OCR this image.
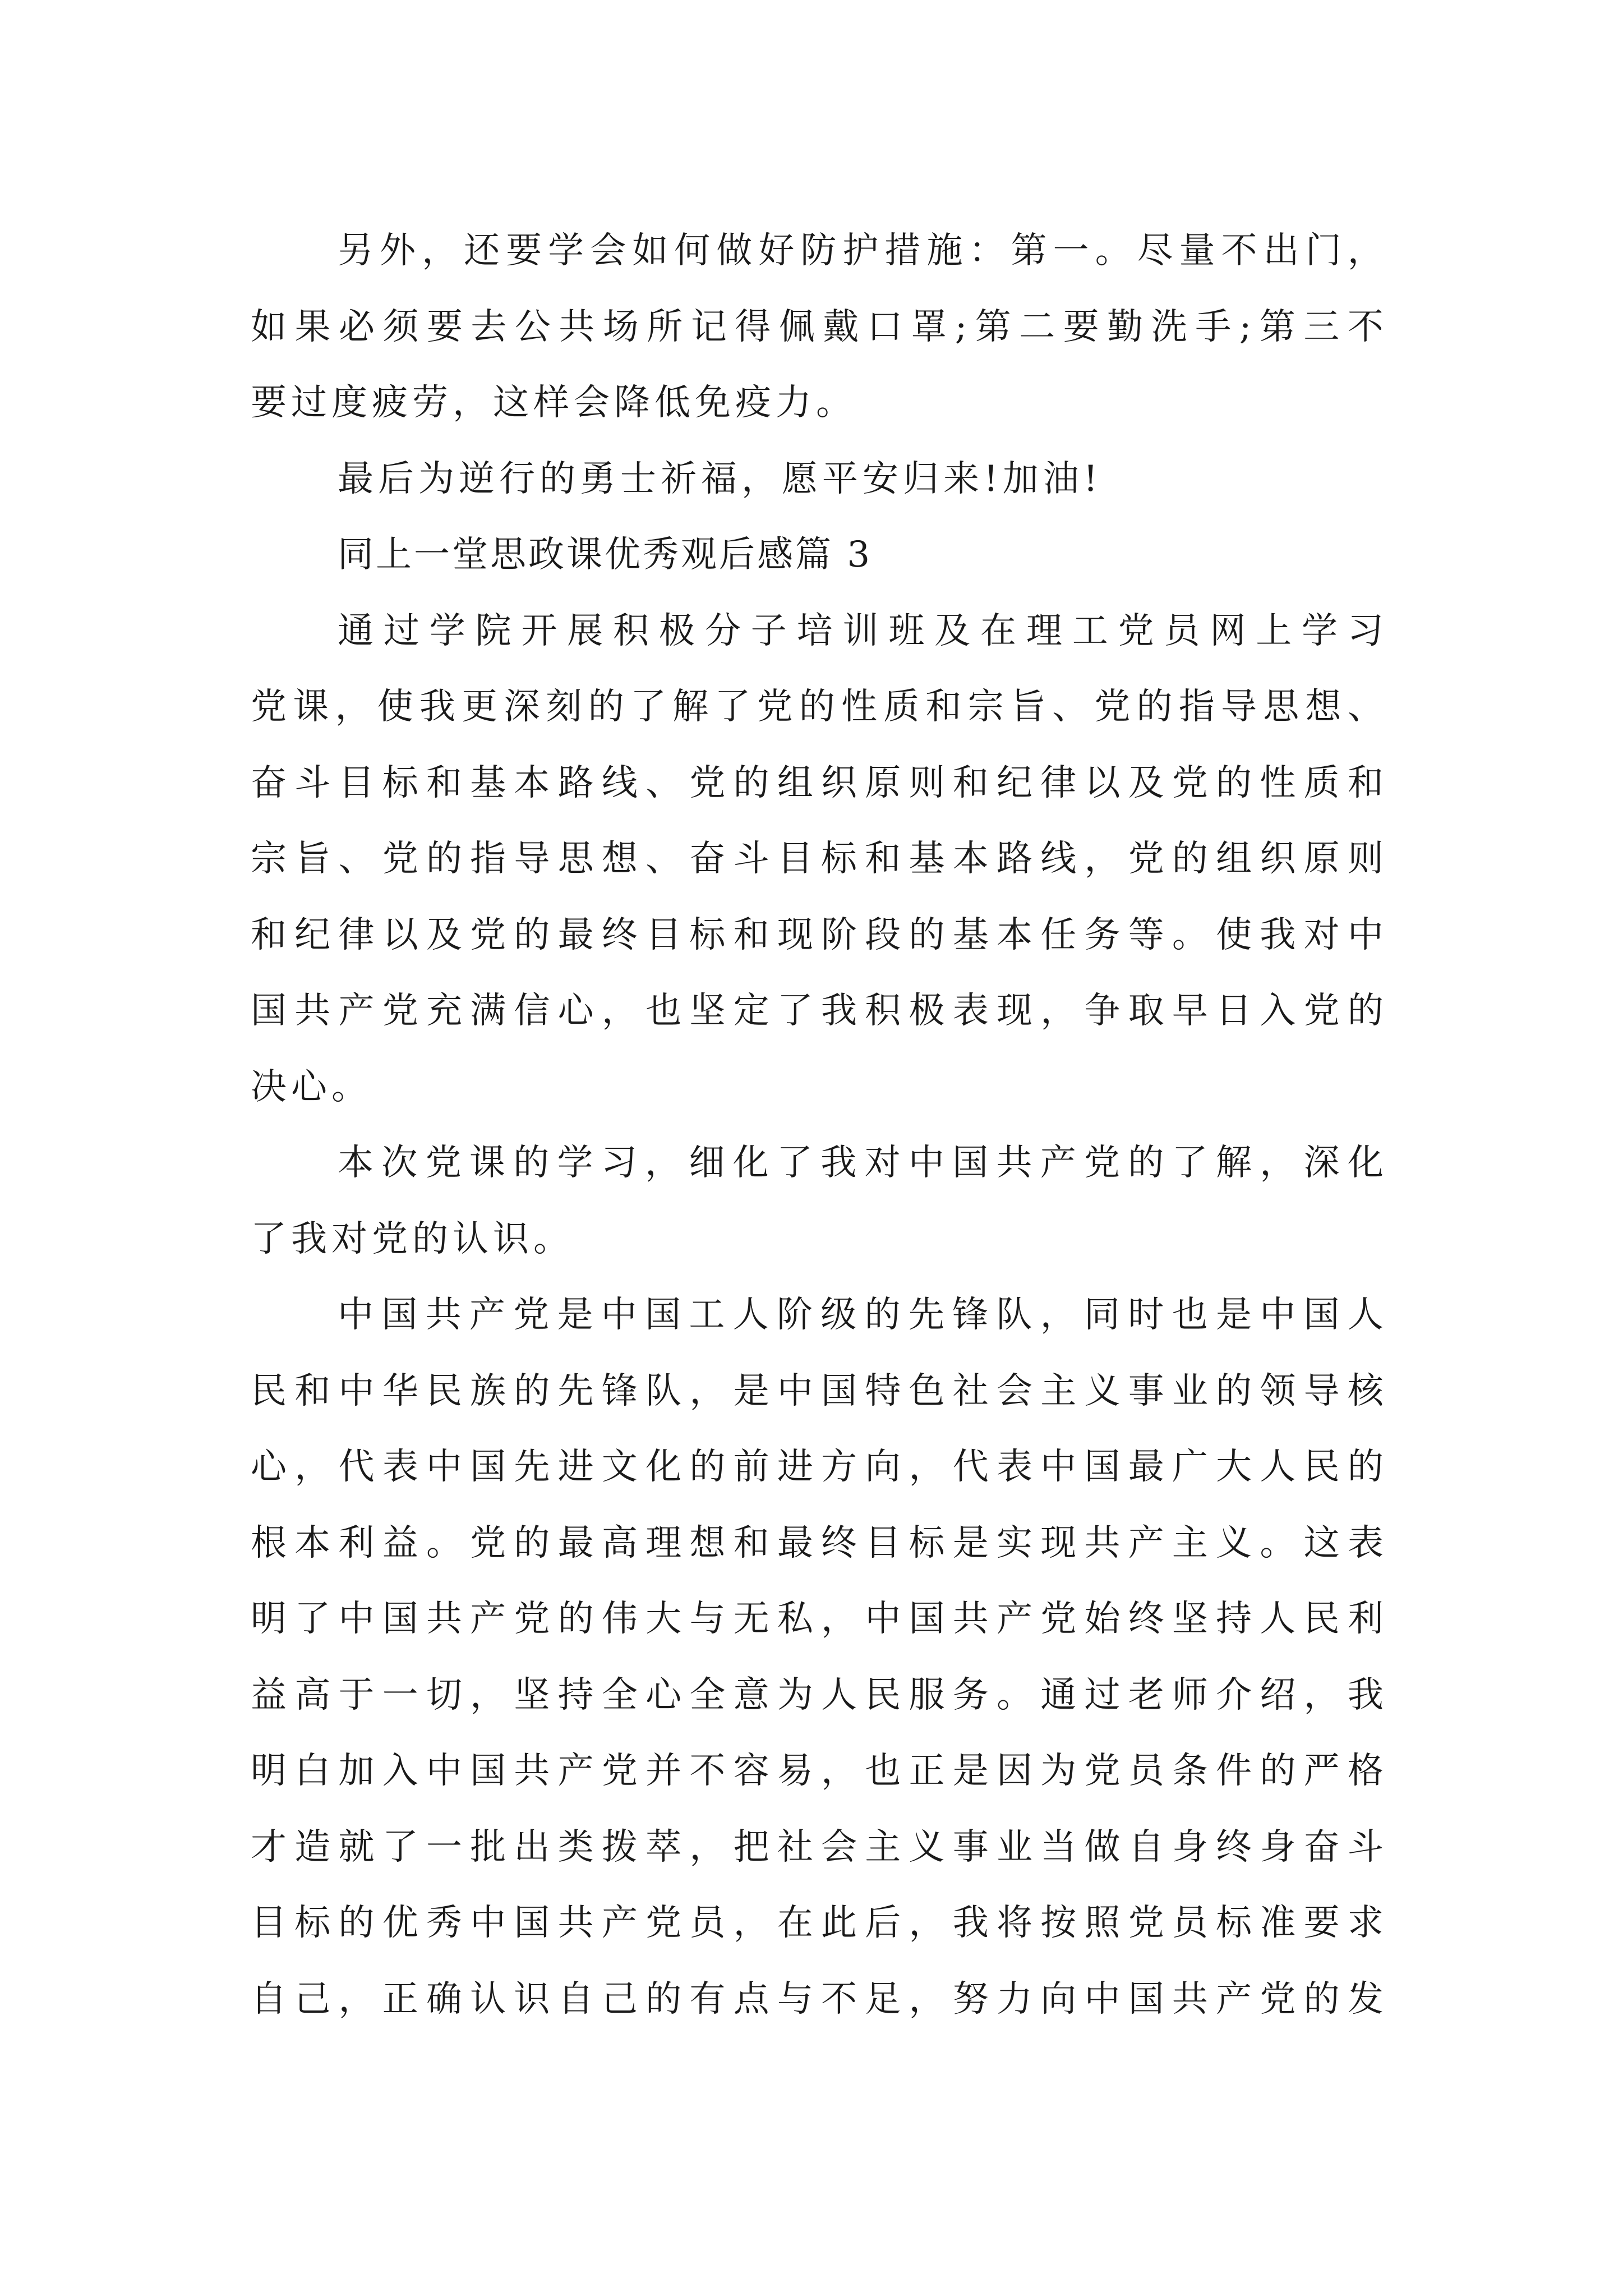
另 外 ， 还 要 学 会 如 何 做 好 防 护 措 施 ： 第 一 。 尽 量 不 出 门 ，
如 果 必 须 要 去 公 共 场 所 记 得 佩 戴 口 罩 ; 第 二 要 勤 洗 手 ; 第 三 不
要过度疲劳，这样会降低免疫力。
最后为逆行的勇士祈福，愿平安归来!加油!
同上一堂思政课优秀观后感篇 3
通 过 学 院 开 展 积 极 分 子 培 训 班 及 在 理 工 党 员 网 上 学 习
党 课 ， 使 我 更 深 刻 的 了 解 了 党 的 性 质 和 宗 旨 、 党 的 指 导 思 想 、
奋 斗 目 标 和 基 本 路 线 、 党 的 组 织 原 则 和 纪 律 以 及 党 的 性 质 和
宗 旨 、 党 的 指 导 思 想 、 奋 斗 目 标 和 基 本 路 线 ， 党 的 组 织 原 则
和 纪 律 以 及 党 的 最 终 目 标 和 现 阶 段 的 基 本 任 务 等 。 使 我 对 中
国 共 产 党 充 满 信 心 ， 也 坚 定 了 我 积 极 表 现 ， 争 取 早 日 入 党 的
决心。
本 次 党 课 的 学 习 ， 细 化 了 我 对 中 国 共 产 党 的 了 解 ， 深 化
了我对党的认识。
中 国 共 产 党 是 中 国 工 人 阶 级 的 先 锋 队 ， 同 时 也 是 中 国 人
民 和 中 华 民 族 的 先 锋 队 ， 是 中 国 特 色 社 会 主 义 事 业 的 领 导 核
心 ， 代 表 中 国 先 进 文 化 的 前 进 方 向 ， 代 表 中 国 最 广 大 人 民 的
根 本 利 益 。 党 的 最 高 理 想 和 最 终 目 标 是 实 现 共 产 主 义 。 这 表
明 了 中 国 共 产 党 的 伟 大 与 无 私 ， 中 国 共 产 党 始 终 坚 持 人 民 利
益 高 于 一 切 ， 坚 持 全 心 全 意 为 人 民 服 务 。 通 过 老 师 介 绍 ， 我
明 白 加 入 中 国 共 产 党 并 不 容 易 ， 也 正 是 因 为 党 员 条 件 的 严 格
才 造 就 了 一 批 出 类 拨 萃 ， 把 社 会 主 义 事 业 当 做 自 身 终 身 奋 斗
目 标 的 优 秀 中 国 共 产 党 员 ， 在 此 后 ， 我 将 按 照 党 员 标 准 要 求
自 己 ， 正 确 认 识 自 己 的 有 点 与 不 足 ， 努 力 向 中 国 共 产 党 的 发
